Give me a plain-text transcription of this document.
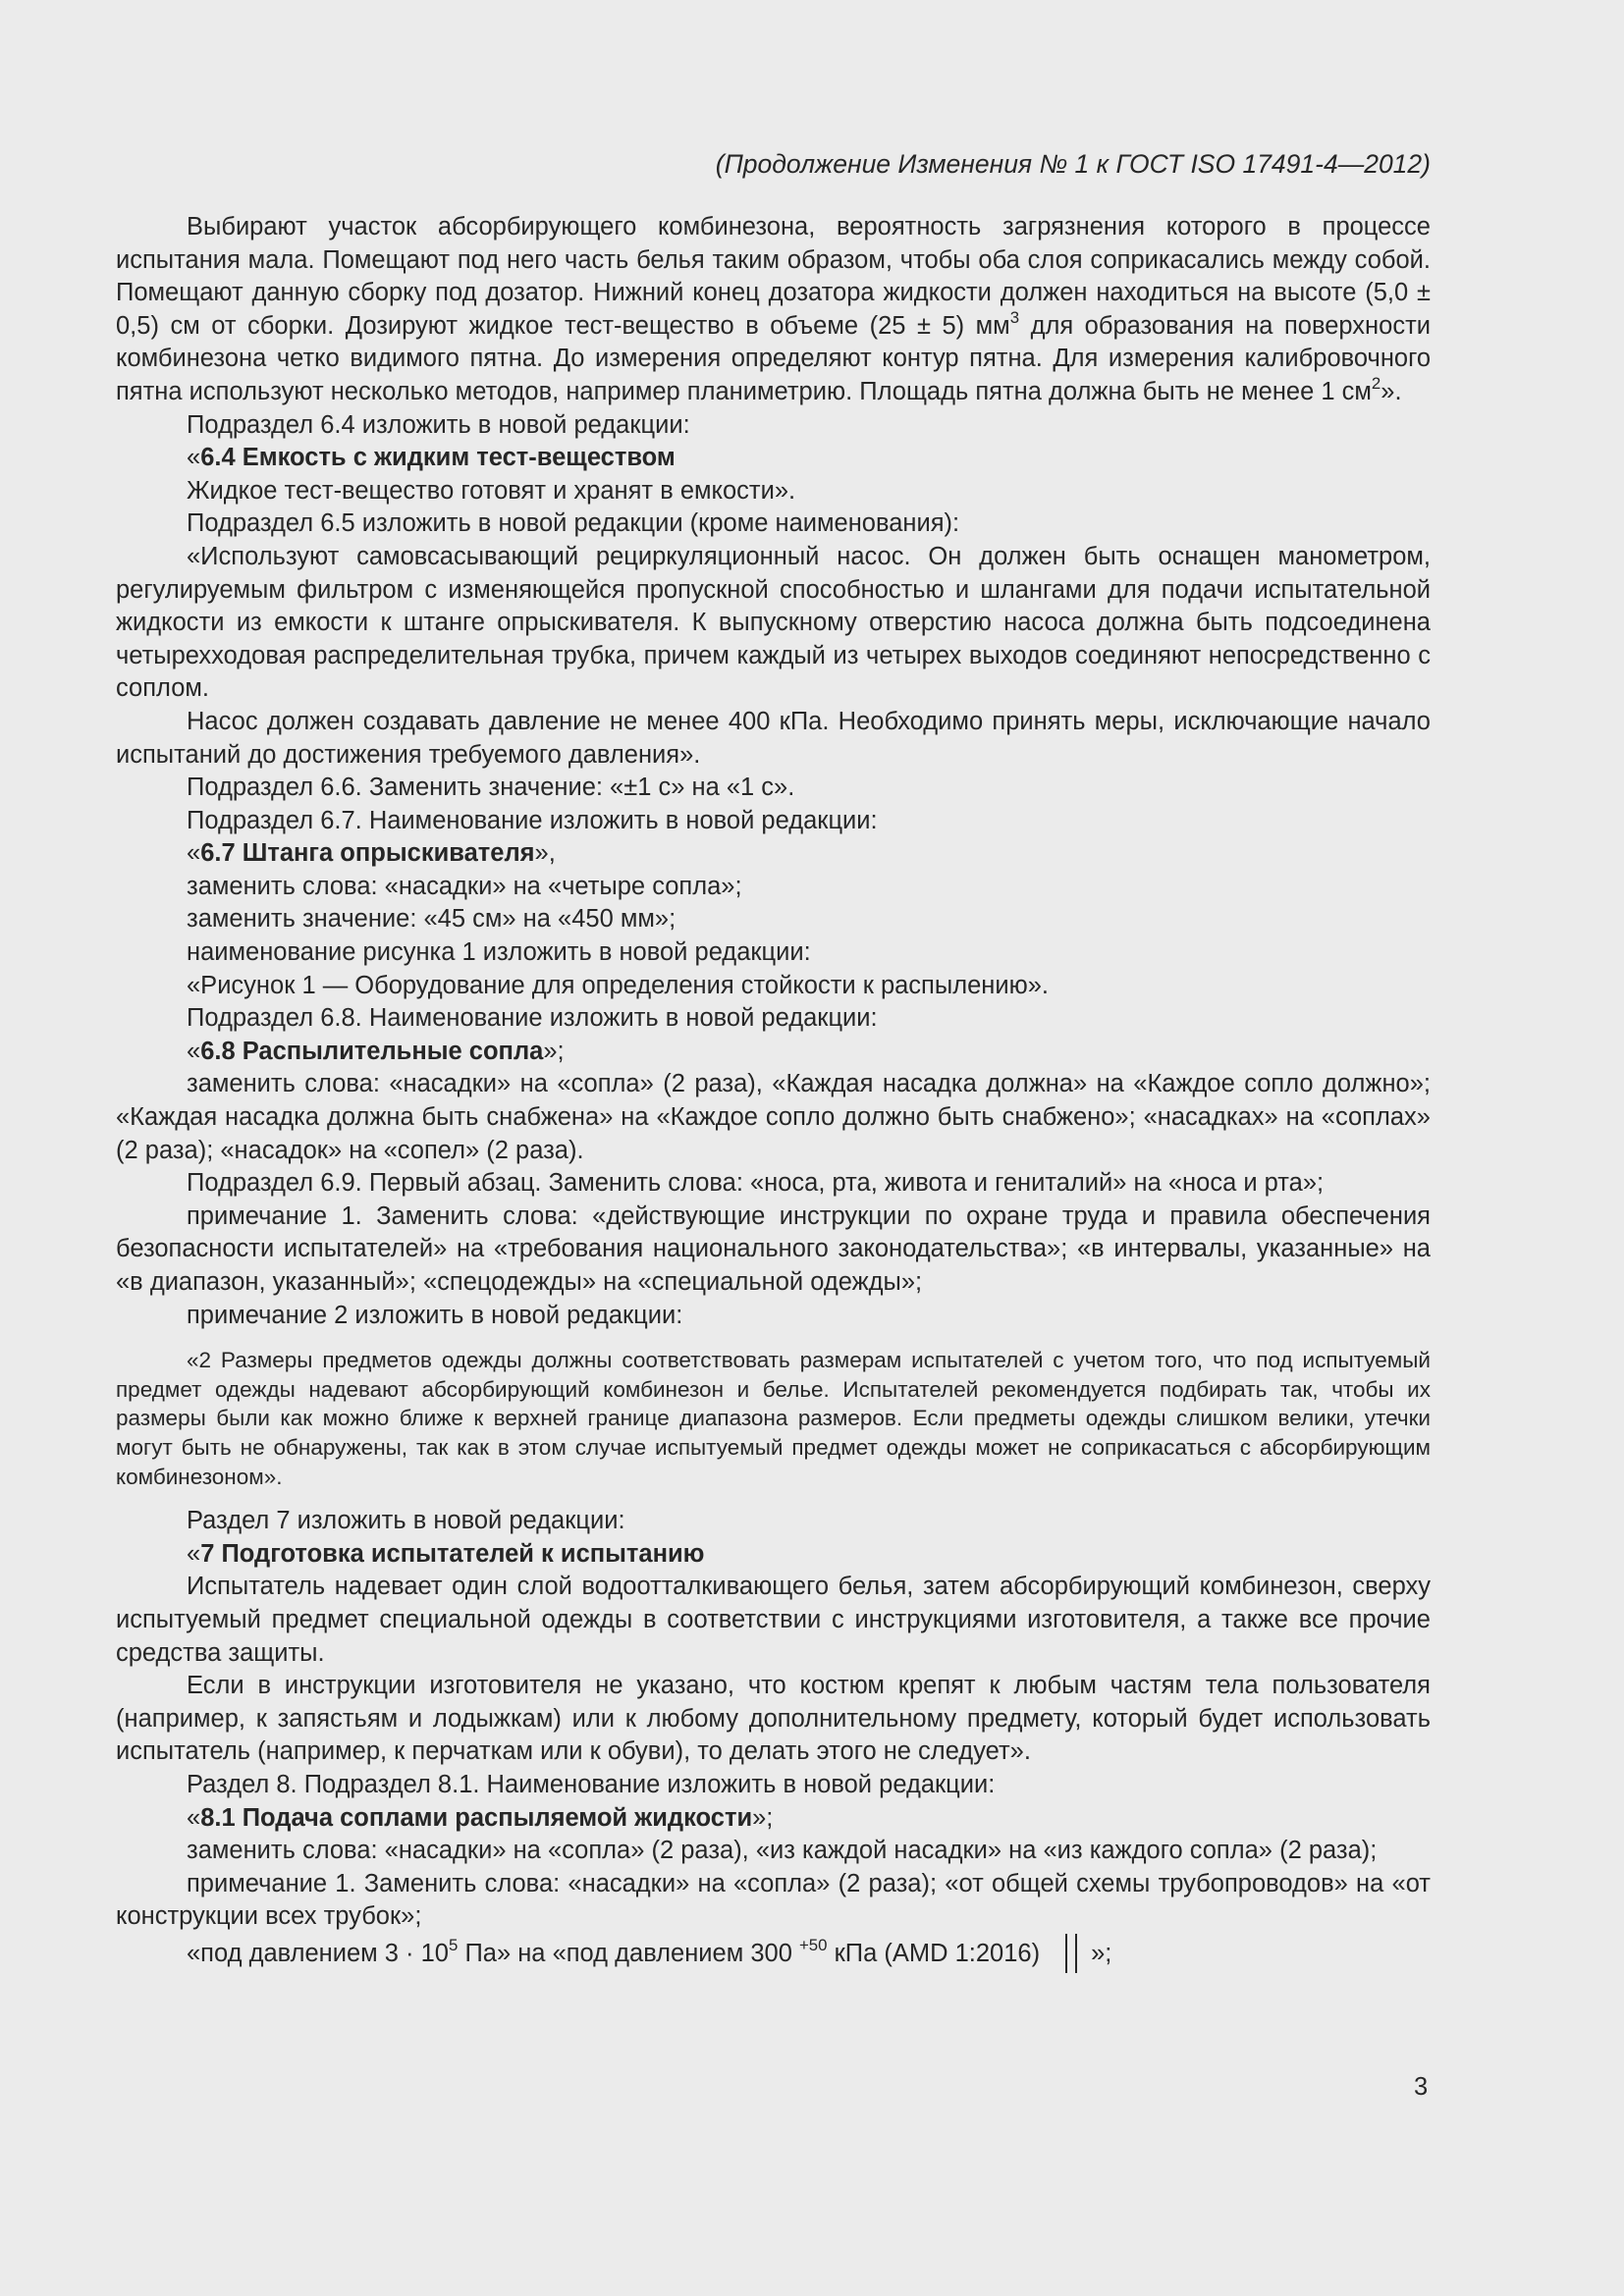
(Продолжение Изменения № 1 к ГОСТ ISO 17491-4—2012)

Выбирают участок абсорбирующего комбинезона, вероятность загрязнения которого в процессе испытания мала. Помещают под него часть белья таким образом, чтобы оба слоя соприкасались между собой. Помещают данную сборку под дозатор. Нижний конец дозатора жидкости должен находиться на высоте (5,0 ± 0,5) см от сборки. Дозируют жидкое тест-вещество в объеме (25 ± 5) $мм^3$ для образования на поверхности комбинезона четко видимого пятна. До измерения определяют контур пятна. Для измерения калибровочного пятна используют несколько методов, например планиметрию. Площадь пятна должна быть не менее 1 $см^2$».

Подраздел 6.4 изложить в новой редакции:

«6.4 Емкость с жидким тест-веществом

Жидкое тест-вещество готовят и хранят в емкости».

Подраздел 6.5 изложить в новой редакции (кроме наименования):

«Используют самовсасывающий рециркуляционный насос. Он должен быть оснащен манометром, регулируемым фильтром с изменяющейся пропускной способностью и шлангами для подачи испытательной жидкости из емкости к штанге опрыскивателя. К выпускному отверстию насоса должна быть подсоединена четырехходовая распределительная трубка, причем каждый из четырех выходов соединяют непосредственно с соплом.

Насос должен создавать давление не менее 400 кПа. Необходимо принять меры, исключающие начало испытаний до достижения требуемого давления».

Подраздел 6.6. Заменить значение: «±1 с» на «1 с».

Подраздел 6.7. Наименование изложить в новой редакции:

«6.7 Штанга опрыскивателя»,

заменить слова: «насадки» на «четыре сопла»;

заменить значение: «45 см» на «450 мм»;

наименование рисунка 1 изложить в новой редакции:

«Рисунок 1 — Оборудование для определения стойкости к распылению».

Подраздел 6.8. Наименование изложить в новой редакции:

«6.8 Распылительные сопла»;

заменить слова: «насадки» на «сопла» (2 раза), «Каждая насадка должна» на «Каждое сопло должно»; «Каждая насадка должна быть снабжена» на «Каждое сопло должно быть снабжено»; «насадках» на «соплах» (2 раза); «насадок» на «сопел» (2 раза).

Подраздел 6.9. Первый абзац. Заменить слова: «носа, рта, живота и гениталий» на «носа и рта»;

примечание 1. Заменить слова: «действующие инструкции по охране труда и правила обеспечения безопасности испытателей» на «требования национального законодательства»; «в интервалы, указанные» на «в диапазон, указанный»; «спецодежды» на «специальной одежды»;

примечание 2 изложить в новой редакции:

«2 Размеры предметов одежды должны соответствовать размерам испытателей с учетом того, что под испытуемый предмет одежды надевают абсорбирующий комбинезон и белье. Испытателей рекомендуется подбирать так, чтобы их размеры были как можно ближе к верхней границе диапазона размеров. Если предметы одежды слишком велики, утечки могут быть не обнаружены, так как в этом случае испытуемый предмет одежды может не соприкасаться с абсорбирующим комбинезоном».

Раздел 7 изложить в новой редакции:

«7 Подготовка испытателей к испытанию

Испытатель надевает один слой водоотталкивающего белья, затем абсорбирующий комбинезон, сверху испытуемый предмет специальной одежды в соответствии с инструкциями изготовителя, а также все прочие средства защиты.

Если в инструкции изготовителя не указано, что костюм крепят к любым частям тела пользователя (например, к запястьям и лодыжкам) или к любому дополнительному предмету, который будет использовать испытатель (например, к перчаткам или к обуви), то делать этого не следует».

Раздел 8. Подраздел 8.1. Наименование изложить в новой редакции:

«8.1 Подача соплами распыляемой жидкости»;

заменить слова: «насадки» на «сопла» (2 раза), «из каждой насадки» на «из каждого сопла» (2 раза);

примечание 1. Заменить слова: «насадки» на «сопла» (2 раза); «от общей схемы трубопроводов» на «от конструкции всех трубок»;

«под давлением $3 \cdot 10^5$ Па» на «под давлением 300 $^{+50}$ кПа (AMD 1:2016) »;

3
